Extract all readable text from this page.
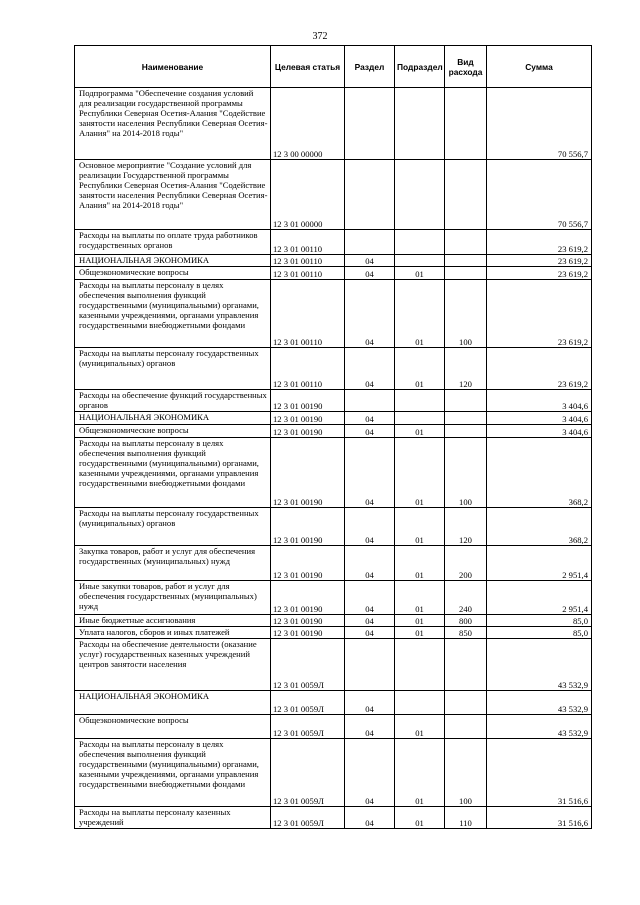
372
Наименование	Целевая статья	Раздел	Подраздел	Вид расхода	Сумма
Подпрограмма "Обеспечение создания условий для реализации государственной программы Республики Северная Осетия-Алания "Содействие занятости населения Республики Северная Осетия-Алания" на 2014-2018 годы"	12 3 00 00000				70 556,7
Основное мероприятие "Создание условий для реализации Государственной программы Республики Северная Осетия-Алания "Содействие занятости населения Республики Северная Осетия-Алания" на 2014-2018 годы"	12 3 01 00000				70 556,7
Расходы на выплаты по оплате труда работников государственных органов	12 3 01 00110				23 619,2
НАЦИОНАЛЬНАЯ ЭКОНОМИКА	12 3 01 00110	04			23 619,2
Общеэкономические вопросы	12 3 01 00110	04	01		23 619,2
Расходы на выплаты персоналу в целях обеспечения выполнения функций государственными (муниципальными) органами, казенными учреждениями, органами управления государственными внебюджетными фондами	12 3 01 00110	04	01	100	23 619,2
Расходы на выплаты персоналу государственных (муниципальных) органов	12 3 01 00110	04	01	120	23 619,2
Расходы на обеспечение функций государственных органов	12 3 01 00190				3 404,6
НАЦИОНАЛЬНАЯ ЭКОНОМИКА	12 3 01 00190	04			3 404,6
Общеэкономические вопросы	12 3 01 00190	04	01		3 404,6
Расходы на выплаты персоналу в целях обеспечения выполнения функций государственными (муниципальными) органами, казенными учреждениями, органами управления государственными внебюджетными фондами	12 3 01 00190	04	01	100	368,2
Расходы на выплаты персоналу государственных (муниципальных) органов	12 3 01 00190	04	01	120	368,2
Закупка товаров, работ и услуг для обеспечения государственных (муниципальных) нужд	12 3 01 00190	04	01	200	2 951,4
Иные закупки товаров, работ и услуг для обеспечения государственных (муниципальных) нужд	12 3 01 00190	04	01	240	2 951,4
Иные бюджетные ассигнования	12 3 01 00190	04	01	800	85,0
Уплата налогов, сборов и иных платежей	12 3 01 00190	04	01	850	85,0
Расходы на обеспечение деятельности (оказание услуг) государственных казенных учреждений центров занятости населения	12 3 01 0059Л				43 532,9
НАЦИОНАЛЬНАЯ ЭКОНОМИКА	12 3 01 0059Л	04			43 532,9
Общеэкономические вопросы	12 3 01 0059Л	04	01		43 532,9
Расходы на выплаты персоналу в целях обеспечения выполнения функций государственными (муниципальными) органами, казенными учреждениями, органами управления государственными внебюджетными фондами	12 3 01 0059Л	04	01	100	31 516,6
Расходы на выплаты персоналу казенных учреждений	12 3 01 0059Л	04	01	110	31 516,6
